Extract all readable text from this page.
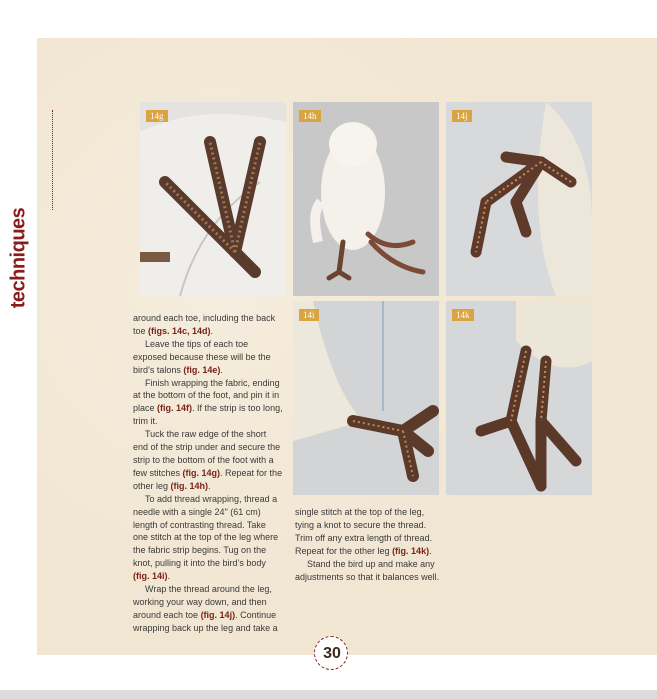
14g	14h	14j
14i	14k

around each toe, including the back toe (figs. 14c, 14d).

Leave the tips of each toe exposed because these will be the bird’s talons (fig. 14e).

Finish wrapping the fabric, ending at the bottom of the foot, and pin it in place (fig. 14f). If the strip is too long, trim it.

Tuck the raw edge of the short end of the strip under and secure the strip to the bottom of the foot with a few stitches (fig. 14g). Repeat for the other leg (fig. 14h).

To add thread wrapping, thread a needle with a single 24" (61 cm) length of contrasting thread. Take one stitch at the top of the leg where the fabric strip begins. Tug on the knot, pulling it into the bird’s body (fig. 14i).

Wrap the thread around the leg, working your way down, and then around each toe (fig. 14j). Continue wrapping back up the leg and take a

single stitch at the top of the leg, tying a knot to secure the thread. Trim off any extra length of thread. Repeat for the other leg (fig. 14k).

Stand the bird up and make any adjustments so that it balances well.

30
techniques
